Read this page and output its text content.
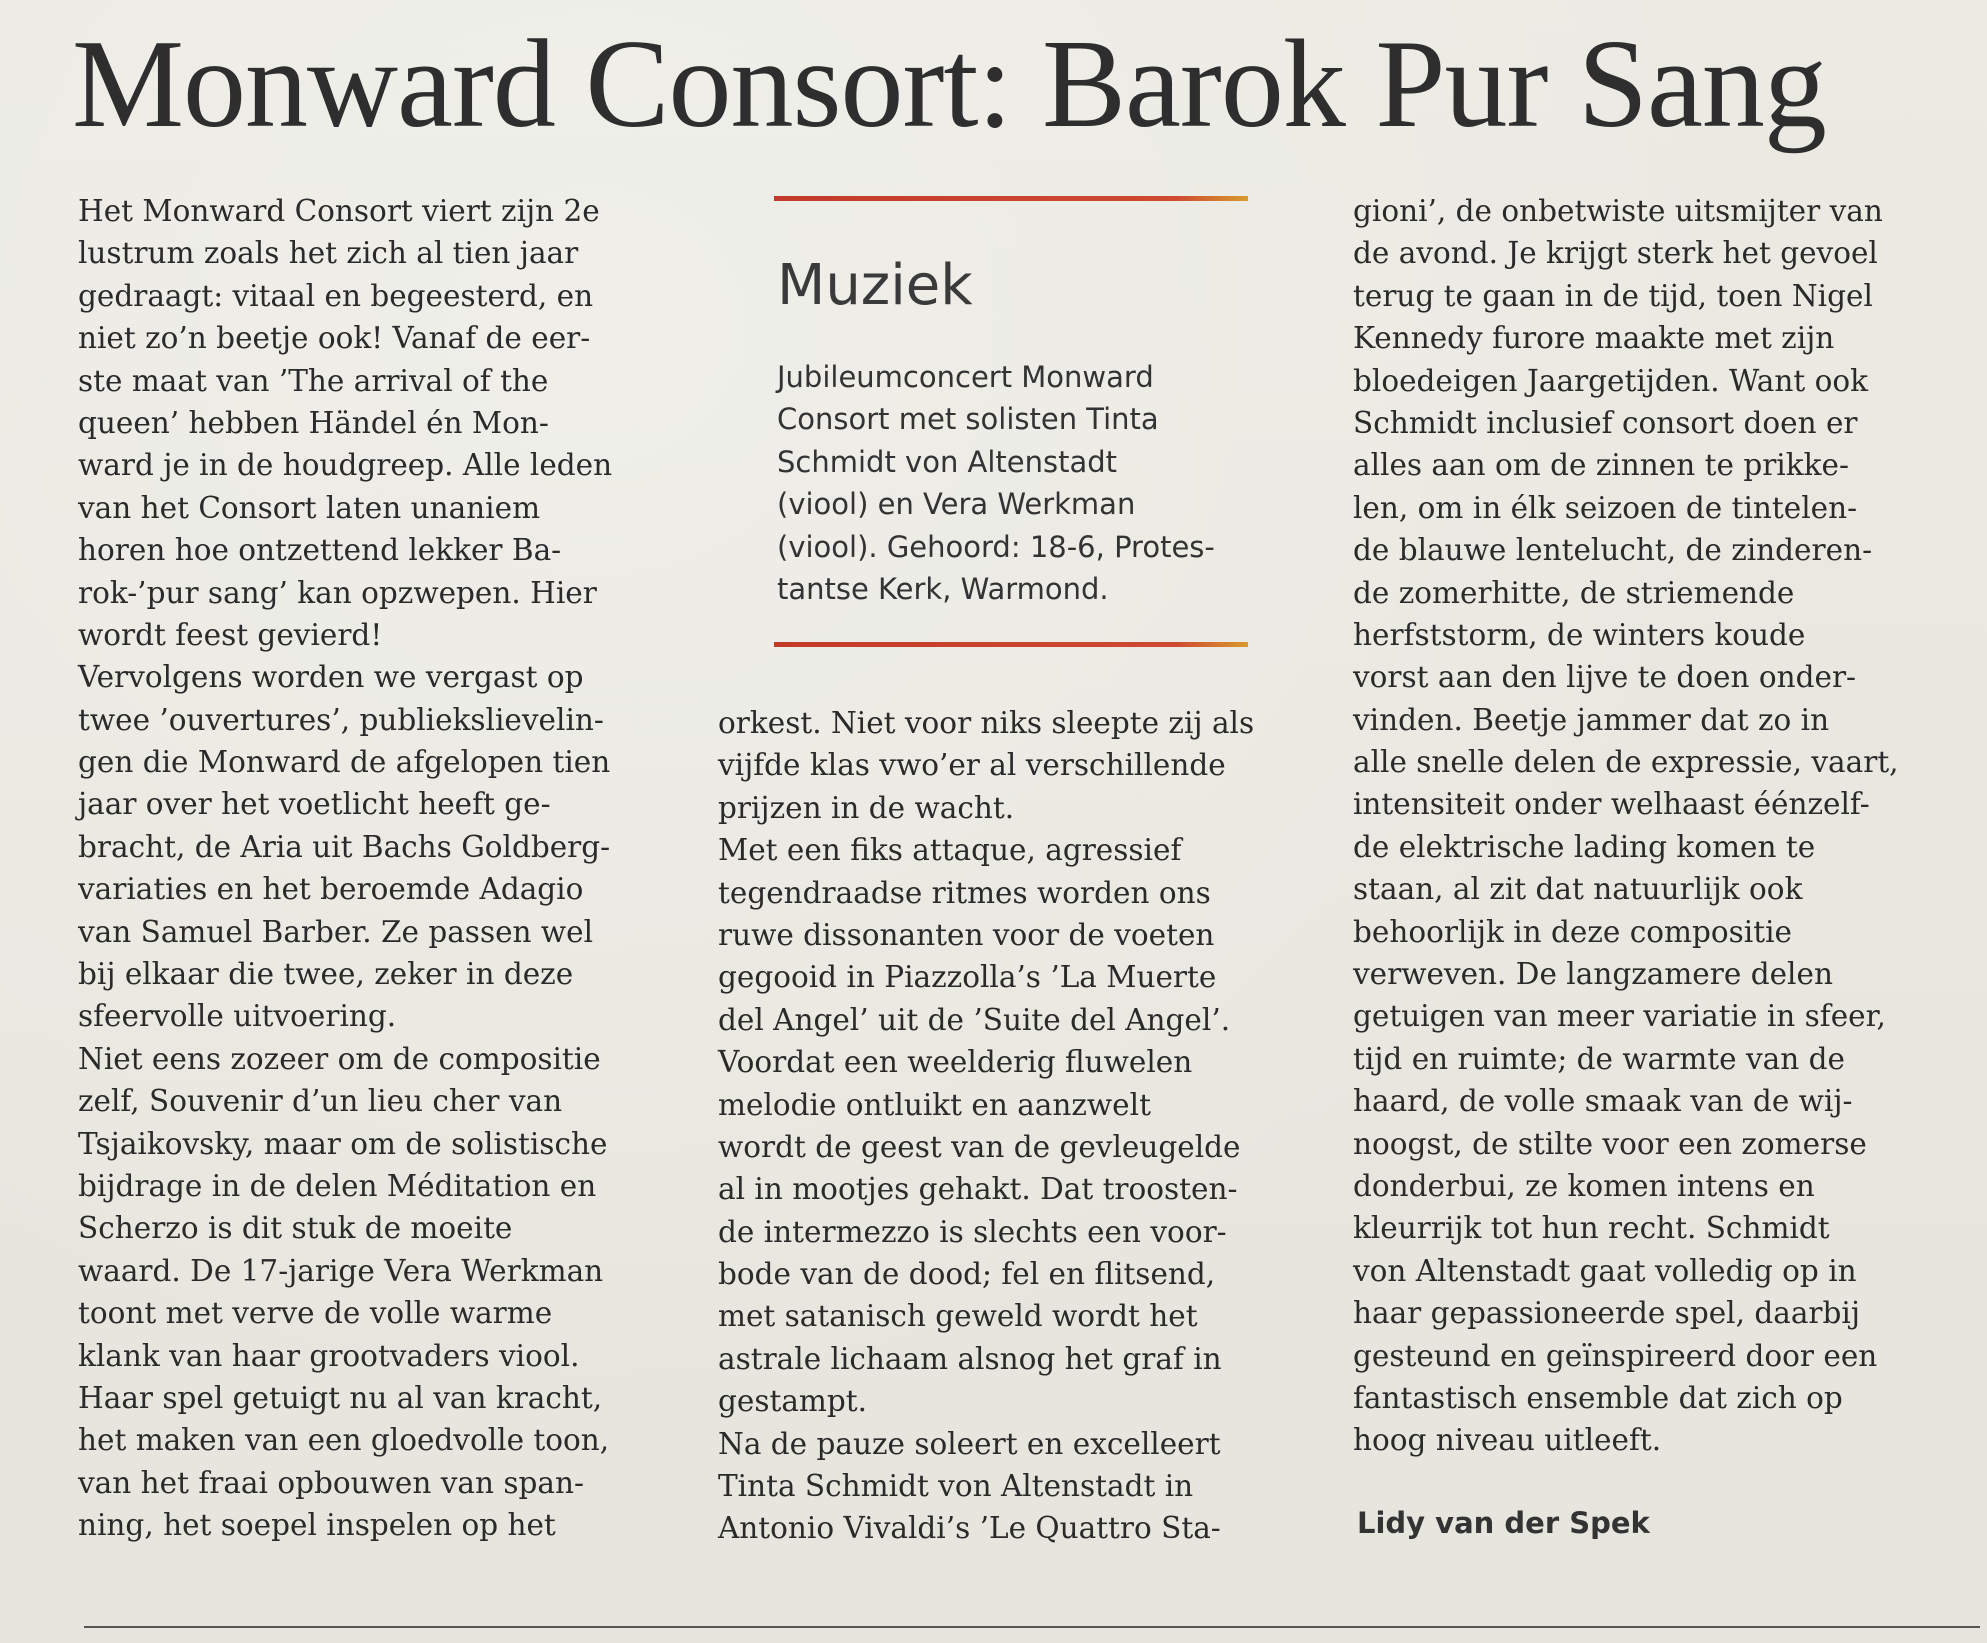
Monward Consort: Barok Pur Sang
Het Monward Consort viert zijn 2e
lustrum zoals het zich al tien jaar
gedraagt: vitaal en begeesterd, en
niet zo’n beetje ook! Vanaf de eer-
ste maat van ’The arrival of the
queen’ hebben Händel én Mon-
ward je in de houdgreep. Alle leden
van het Consort laten unaniem
horen hoe ontzettend lekker Ba-
rok-’pur sang’ kan opzwepen. Hier
wordt feest gevierd!
Vervolgens worden we vergast op
twee ’ouvertures’, publiekslievelin-
gen die Monward de afgelopen tien
jaar over het voetlicht heeft ge-
bracht, de Aria uit Bachs Goldberg-
variaties en het beroemde Adagio
van Samuel Barber. Ze passen wel
bij elkaar die twee, zeker in deze
sfeervolle uitvoering.
Niet eens zozeer om de compositie
zelf, Souvenir d’un lieu cher van
Tsjaikovsky, maar om de solistische
bijdrage in de delen Méditation en
Scherzo is dit stuk de moeite
waard. De 17-jarige Vera Werkman
toont met verve de volle warme
klank van haar grootvaders viool.
Haar spel getuigt nu al van kracht,
het maken van een gloedvolle toon,
van het fraai opbouwen van span-
ning, het soepel inspelen op het
Muziek
Jubileumconcert Monward
Consort met solisten Tinta
Schmidt von Altenstadt
(viool) en Vera Werkman
(viool). Gehoord: 18-6, Protes-
tantse Kerk, Warmond.
orkest. Niet voor niks sleepte zij als
vijfde klas vwo’er al verschillende
prijzen in de wacht.
Met een fiks attaque, agressief
tegendraadse ritmes worden ons
ruwe dissonanten voor de voeten
gegooid in Piazzolla’s ’La Muerte
del Angel’ uit de ’Suite del Angel’.
Voordat een weelderig fluwelen
melodie ontluikt en aanzwelt
wordt de geest van de gevleugelde
al in mootjes gehakt. Dat troosten-
de intermezzo is slechts een voor-
bode van de dood; fel en flitsend,
met satanisch geweld wordt het
astrale lichaam alsnog het graf in
gestampt.
Na de pauze soleert en excelleert
Tinta Schmidt von Altenstadt in
Antonio Vivaldi’s ’Le Quattro Sta-
gioni’, de onbetwiste uitsmijter van
de avond. Je krijgt sterk het gevoel
terug te gaan in de tijd, toen Nigel
Kennedy furore maakte met zijn
bloedeigen Jaargetijden. Want ook
Schmidt inclusief consort doen er
alles aan om de zinnen te prikke-
len, om in élk seizoen de tintelen-
de blauwe lentelucht, de zinderen-
de zomerhitte, de striemende
herfststorm, de winters koude
vorst aan den lijve te doen onder-
vinden. Beetje jammer dat zo in
alle snelle delen de expressie, vaart,
intensiteit onder welhaast éénzelf-
de elektrische lading komen te
staan, al zit dat natuurlijk ook
behoorlijk in deze compositie
verweven. De langzamere delen
getuigen van meer variatie in sfeer,
tijd en ruimte; de warmte van de
haard, de volle smaak van de wij-
noogst, de stilte voor een zomerse
donderbui, ze komen intens en
kleurrijk tot hun recht. Schmidt
von Altenstadt gaat volledig op in
haar gepassioneerde spel, daarbij
gesteund en geïnspireerd door een
fantastisch ensemble dat zich op
hoog niveau uitleeft.

Lidy van der Spek
